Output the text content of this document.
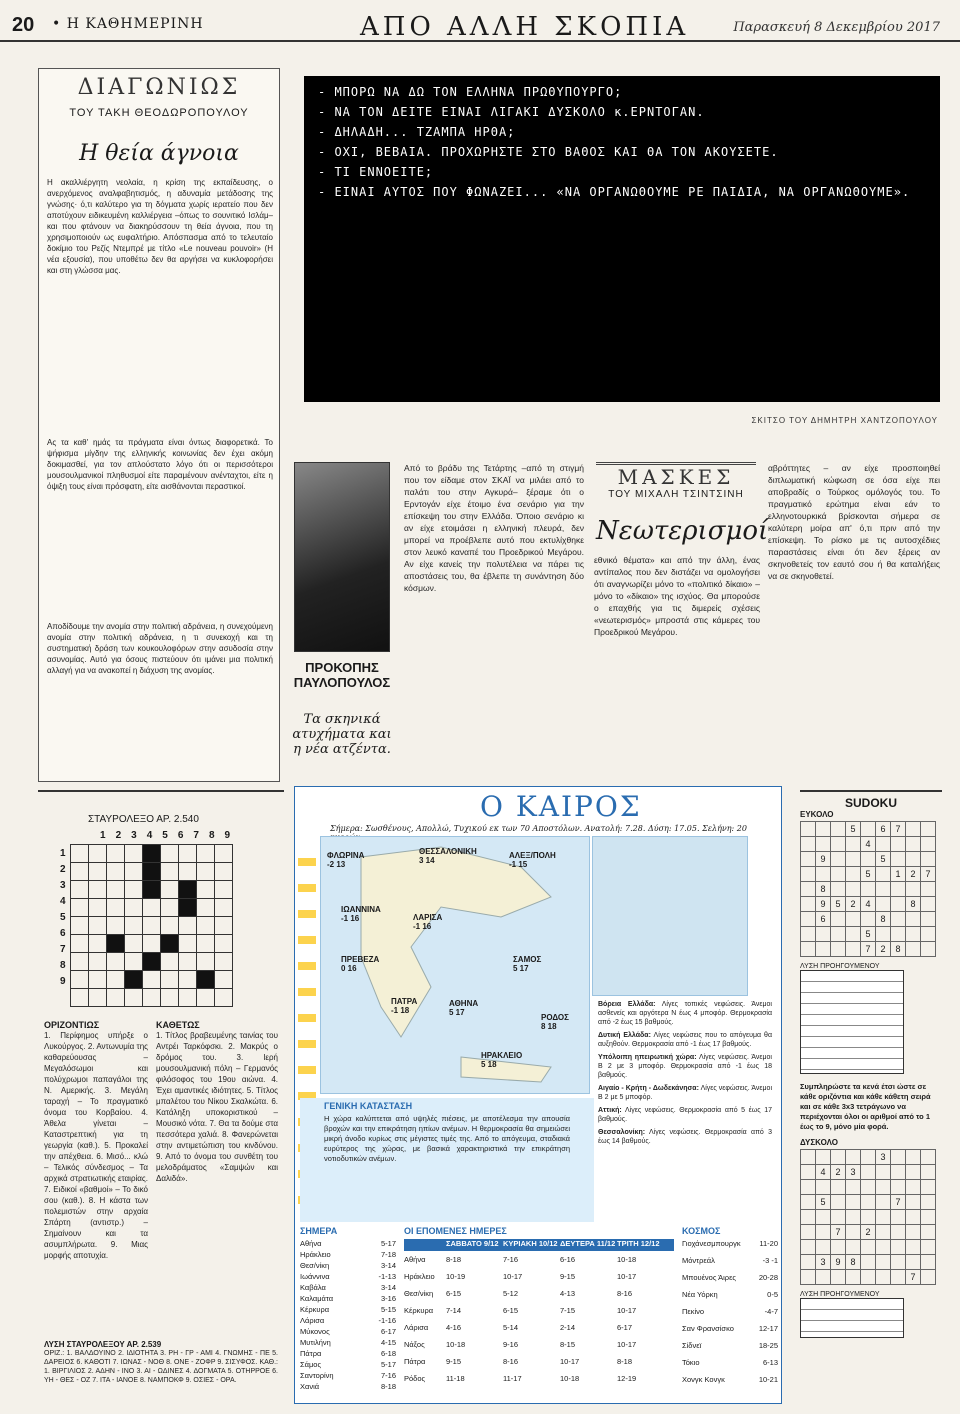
20 • Η ΚΑΘΗΜΕΡΙΝΗ	ΑΠΟ ΑΛΛΗ ΣΚΟΠΙΑ	Παρασκευή 8 Δεκεμβρίου 2017
ΔΙΑΓΩΝΙΩΣ
ΤΟΥ ΤΑΚΗ ΘΕΟΔΩΡΟΠΟΥΛΟΥ
Η θεία άγνοια

Η ακαλλιέργητη νεολαία, η κρίση της εκπαίδευσης, ο ανερχόμενος αναλφαβητισμός, η αδυναμία μετάδοσης της γνώσης· ό,τι καλύτερο για τη δόγματα χωρίς ιερατείο που δεν αποτύχουν ειδικευμένη καλλιέργεια –όπως το σουνιτικό Ισλάμ– και που φτάνουν να διακηρύσσουν τη θεία άγνοια, που τη χρησιμοποιούν ως ευφαλτήριο. Απόσπασμα από το τελευταίο δοκίμιο του Ρεζίς Ντεμπρέ με τίτλο «Le nouveau pouvoir» (Η νέα εξουσία), που υποθέτω δεν θα αργήσει να κυκλοφορήσει και στη γλώσσα μας.

Ας τα καθ' ημάς τα πράγματα είναι όντως διαφορετικά. Το ψήφισμα μίγδην της ελληνικής κοινωνίας δεν έχει ακόμη δοκιμασθεί, για τον απλούστατο λόγο ότι οι περισσότεροι μουσουλμανικοί πληθυσμοί είτε παραμένουν ανένταχτοι, είτε η όψιξη τους είναι πρόσφατη, είτε αισθάνονται περαστικοί.

Αποδίδουμε την ανομία στην πολιτική αδράνεια, η συνεχούμενη ανομία στην πολιτική αδράνεια, η τι συνεκοχή και τη συστηματική δράση των κουκουλοφόρων στην ασυδοσία στην ασυνομίας. Αυτό για όσους πιστεύουν ότι ιμάνει μια πολιτική αλλαγή για να ανακοπεί η διάχυση της ανομίας.

- ΜΠΟΡΩ ΝΑ ΔΩ ΤΟΝ ΕΛΛΗΝΑ ΠΡΩΘΥΠΟΥΡΓΟ;
- ΝΑ ΤΟΝ ΔΕΙΤΕ ΕΙΝΑΙ ΛΙΓΑΚΙ ΔΥΣΚΟΛΟ κ.ΕΡΝΤΟΓΑΝ.
- ΔΗΛΑΔΗ... ΤΖΑΜΠΑ ΗΡΘΑ;
- ΟΧΙ, ΒΕΒΑΙΑ. ΠΡΟΧΩΡΗΣΤΕ ΣΤΟ ΒΑΘΟΣ ΚΑΙ ΘΑ ΤΟΝ ΑΚΟΥΣΕΤΕ.
- ΤΙ ΕΝΝΟΕΙΤΕ;
- ΕΙΝΑΙ ΑΥΤΟΣ ΠΟΥ ΦΩΝΑΖΕΙ... «ΝΑ ΟΡΓΑΝΩΘΟΥΜΕ ΡΕ ΠΑΙΔΙΑ, ΝΑ ΟΡΓΑΝΩΘΟΥΜΕ».
ΣΚΙΤΣΟ ΤΟΥ ΔΗΜΗΤΡΗ ΧΑΝΤΖΟΠΟΥΛΟΥ
ΠΡΟΚΟΠΗΣ
ΠΑΥΛΟΠΟΥΛΟΣ
Τα σκηνικά ατυχήματα και η νέα ατζέντα.
Από το βράδυ της Τετάρτης –από τη στιγμή που τον είδαμε στον ΣΚΑΪ να μιλάει από το παλάτι του στην Αγκυρά– ξέραμε ότι ο Ερντογάν είχε έτοιμο ένα σενάριο για την επίσκεψη του στην Ελλάδα. Όποιο σενάριο κι αν είχε ετοιμάσει η ελληνική πλευρά, δεν μπορεί να προέβλεπε αυτό που εκτυλίχθηκε στον λευκό καναπέ του Προεδρικού Μεγάρου. Αν είχε κανείς την πολυτέλεια να πάρει τις αποστάσεις του, θα έβλεπε τη συνάντηση δύο κόσμων.
ΜΑΣΚΕΣ
ΤΟΥ ΜΙΧΑΛΗ ΤΣΙΝΤΣΙΝΗ
Νεωτερισμοί
εθνικό θέματα» και από την άλλη, ένας αντίπαλος που δεν διστάζει να ομολογήσει ότι αναγνωρίζει μόνο το «πολιτικό δίκαιο» – μόνο το «δίκαιο» της ισχύος. Θα μπορούσε ο επαχθής για τις διμερείς σχέσεις «νεωτερισμός» μπροστά στις κάμερες του Προεδρικού Μεγάρου.
αβρόττητες – αν είχε προσποιηθεί διπλωματική κώφωση σε όσα είχε πει αποβραδίς ο Τούρκος ομόλογός του. Το πραγματικό ερώτημα είναι εάν το ελληνοτουρκικά βρίσκονται σήμερα σε καλύτερη μοίρα απ' ό,τι πριν από την επίσκεψη. Το ρίσκο με τις αυτοσχέδιες παραστάσεις είναι ότι δεν ξέρεις αν σκηνοθετείς τον εαυτό σου ή θα καταλήξεις να σε σκηνοθετεί.
ΣΤΑΥΡΟΛΕΞΟ ΑΡ. 2.540
1 2 3 4 5 6 7 8 9
1
2
3
4
5
6
7
8
9

ΟΡΙΖΟΝΤΙΩΣ
1. Περίφημος υπήρξε ο Λυκούργος. 2. Αντωνυμία της καθαρεύουσας – Μεγαλόσωμοι και πολύχρωμοι παπαγάλοι της Ν. Αμερικής. 3. Μεγάλη ταραχή – Το πραγματικό όνομα του Κορβαίου. 4. Άθελα γίνεται – Καταστρεπτική για τη γεωργία (καθ.). 5. Προκαλεί την απέχθεια. 6. Μισό... κλώ – Τελικός σύνδεσμος – Τα αρχικά στρατιωτικής εταιρίας. 7. Ειδικοί «βαθμοί» – Το δικό σου (καθ.). 8. Η κάστα των πολεμιστών στην αρχαία Σπάρτη (αντιστρ.) – Σημαίνουν και τα ασυμπλήρωτα. 9. Μιας μορφής αποτυχία.
ΚΑΘΕΤΩΣ
1. Τίτλος βραβευμένης ταινίας του Αντρέι Ταρκόφσκι. 2. Μακρύς ο δρόμος του. 3. Ιερή μουσουλμανική πόλη – Γερμανός φιλόσοφος του 19ου αιώνα. 4. Έχει αμαντικές ιδιότητες. 5. Τίτλος μπαλέτου του Νίκου Σκαλκώτα. 6. Κατάληξη υποκοριστικού – Μουσικό νότα. 7. Θα τα δούμε στα πεσσότερα χαλιά. 8. Φανερώνεται στην αντιμετώπιση του κινδύνου. 9. Από το όνομα του συνθέτη του μελοδράματος «Σαμψών και Δαλιδά».
ΛΥΣΗ ΣΤΑΥΡΟΛΕΞΟΥ ΑΡ. 2.539
ΟΡΙΖ.: 1. ΒΑΛΔΟΥΙΝΟ 2. ΙΔΙΟΤΗΤΑ 3. ΡΗ - ΓΡ - ΑΜΙ 4. ΓΝΩΜΗΣ - ΠΕ 5. ΔΑΡΕΙΟΣ 6. ΚΑΘΟΤΙ 7. ΙΩΝΑΣ - ΝΟΘ 8. ΟΝΕ - ΖΟΦΡ 9. ΣΙΣΥΦΟΣ. ΚΑΘ.: 1. ΒΙΡΓΙΛΙΟΣ 2. ΑΔΗΝ - ΙΝΟ 3. ΑΙ - ΩΔΙΝΕΣ 4. ΔΟΓΜΑΤΑ 5. ΟΤΗΡΡΟΕ 6. ΥΗ - ΘΕΣ - ΟΖ 7. ΙΤΑ - ΙΑΝΟΕ 8. ΝΑΜΠΟΚΦ 9. ΟΣΙΕΣ - ΟΡΑ.
Ο ΚΑΙΡΟΣ
Σήμερα: Σωσθένους, Απολλώ, Τυχικού εκ των 70 Αποστόλων. Ανατολή: 7.28. Δύση: 17.05. Σελήνη: 20
ΦΛΩΡΙΝΑ
-2 13
ΘΕΣΣΑΛΟΝΙΚΗ
3 14
ΑΛΕΞ/ΠΟΛΗ
-1 15
ΙΩΑΝΝΙΝΑ
-1 16	ΛΑΡΙΣΑ
-1 16
ΠΡΕΒΕΖΑ
0 16
ΠΑΤΡΑ
-1 18
ΑΘΗΝΑ
5 17
ΣΑΜΟΣ
5 17
ΡΟΔΟΣ
8 18
ΗΡΑΚΛΕΙΟ
5 18
ΓΕΝΙΚΗ ΚΑΤΑΣΤΑΣΗ
Η χώρα καλύπτεται από υψηλές πιέσεις, με αποτέλεσμα την απουσία βροχών και την επικράτηση ηπίων ανέμων. Η θερμοκρασία θα σημειώσει μικρή άνοδο κυρίως στις μέγιστες τιμές της. Από το απόγευμα, σταδιακά ευρύτερος της χώρας, με βασικά χαρακτηριστικά την επικράτηση νοτιοδυτικών ανέμων.
Βόρεια Ελλάδα: Λίγες τοπικές νεφώσεις. Άνεμοι ασθενείς και αργότερα Ν έως 4 μποφόρ. Θερμοκρασία από -2 έως 15 βαθμούς.
Δυτική Ελλάδα: Λίγες νεφώσεις που το απόγευμα θα αυξηθούν. Θερμοκρασία από -1 έως 17 βαθμούς.
Υπόλοιπη ηπειρωτική χώρα: Λίγες νεφώσεις. Άνεμοι Β 2 με 3 μποφόρ. Θερμοκρασία από -1 έως 18 βαθμούς.
Αιγαίο - Κρήτη - Δωδεκάνησα: Λίγες νεφώσεις. Άνεμοι Β 2 με 5 μποφόρ.
Αττική: Λίγες νεφώσεις. Θερμοκρασία από 5 έως 17 βαθμούς.
Θεσσαλονίκη: Λίγες νεφώσεις. Θερμοκρασία από 3 έως 14 βαθμούς.
ΣΗΜΕΡΑ
Αθήνα	5-17
Ηράκλειο	7-18
Θεσ/νίκη	3-14
Ιωάννινα	-1-13
Καβάλα	3-14
Καλαμάτα	3-16
Κέρκυρα	5-15
Λάρισα	-1-16
Μύκονος	6-17
Μυτιλήνη	4-15
Πάτρα	6-18
Σάμος	5-17
Σαντορίνη	7-16
Χανιά	8-18
ΟΙ ΕΠΟΜΕΝΕΣ ΗΜΕΡΕΣ
ΣΑΒΒΑΤΟ 9/12 ΚΥΡΙΑΚΗ 10/12 ΔΕΥΤΕΡΑ 11/12 ΤΡΙΤΗ 12/12
Αθήνα	8-18	7-16	6-16	10-18
Ηράκλειο	10-19	10-17	9-15	10-17
Θεσ/νίκη	6-15	5-12	4-13	8-16
Κέρκυρα	7-14	6-15	7-15	10-17
Λάρισα	4-16	5-14	2-14	6-17
Νάξος	10-18	9-16	8-15	10-17
Πάτρα	9-15	8-16	10-17	8-18
Ρόδος	11-18	11-17	10-18	12-19
ΚΟΣΜΟΣ
Γιοχάνεσμπουργκ 11-20
Μόντρεάλ	-3 -1
Μπουένος Άιρες	20-28
Νέα Υόρκη	0-5
Πεκίνο	-4-7
Σαν Φρανσίσκο	12-17
Σίδνεϊ	18-25
Τόκιο	6-13
Χονγκ Κονγκ	10-21
SUDOKU
ΕΥΚΟΛΟ
			5		6	7		
				4				
	9				5			
				5		1	2	7
	8							
	9	5	2	4			8	
	6				8			
				5				
				7	2	8		
ΛΥΣΗ ΠΡΟΗΓΟΥΜΕΝΟΥ
Συμπληρώστε τα κενά έτσι ώστε σε κάθε οριζόντια και κάθε κάθετη σειρά και σε κάθε 3x3 τετράγωνο να περιέχονται όλοι οι αριθμοί από το 1 έως το 9, μόνο μία φορά.
ΔΥΣΚΟΛΟ
					3			
	4	2	3					

	5					7		

		7		2				

	3	9	8					
							7	
ΛΥΣΗ ΠΡΟΗΓΟΥΜΕΝΟΥ
